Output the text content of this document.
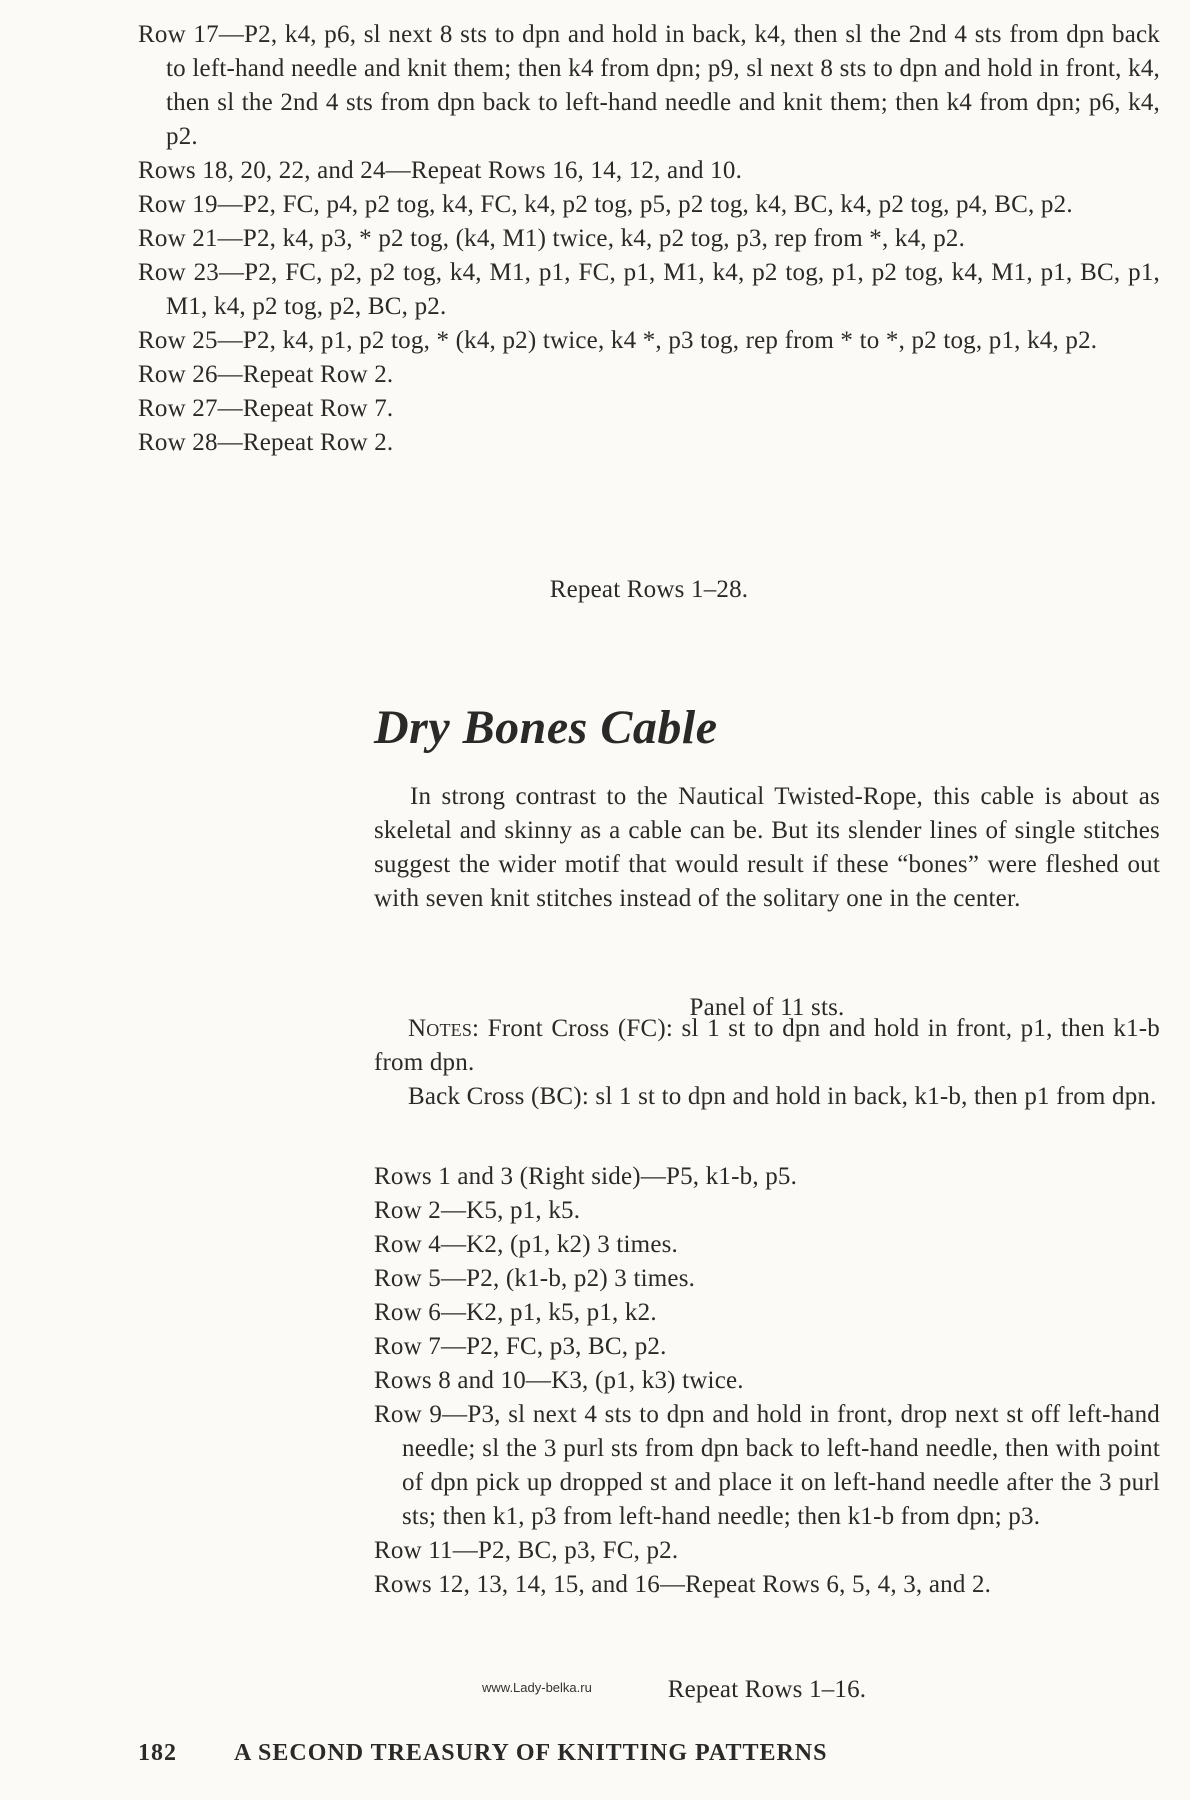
Row 17—P2, k4, p6, sl next 8 sts to dpn and hold in back, k4, then sl the 2nd 4 sts from dpn back to left-hand needle and knit them; then k4 from dpn; p9, sl next 8 sts to dpn and hold in front, k4, then sl the 2nd 4 sts from dpn back to left-hand needle and knit them; then k4 from dpn; p6, k4, p2.

Rows 18, 20, 22, and 24—Repeat Rows 16, 14, 12, and 10.

Row 19—P2, FC, p4, p2 tog, k4, FC, k4, p2 tog, p5, p2 tog, k4, BC, k4, p2 tog, p4, BC, p2.

Row 21—P2, k4, p3, * p2 tog, (k4, M1) twice, k4, p2 tog, p3, rep from *, k4, p2.

Row 23—P2, FC, p2, p2 tog, k4, M1, p1, FC, p1, M1, k4, p2 tog, p1, p2 tog, k4, M1, p1, BC, p1, M1, k4, p2 tog, p2, BC, p2.

Row 25—P2, k4, p1, p2 tog, * (k4, p2) twice, k4 *, p3 tog, rep from * to *, p2 tog, p1, k4, p2.

Row 26—Repeat Row 2.

Row 27—Repeat Row 7.

Row 28—Repeat Row 2.

Repeat Rows 1–28.

Dry Bones Cable

In strong contrast to the Nautical Twisted-Rope, this cable is about as skeletal and skinny as a cable can be. But its slender lines of single stitches suggest the wider motif that would result if these “bones” were fleshed out with seven knit stitches instead of the solitary one in the center.

Panel of 11 sts.

Notes: Front Cross (FC): sl 1 st to dpn and hold in front, p1, then k1-b from dpn.

Back Cross (BC): sl 1 st to dpn and hold in back, k1-b, then p1 from dpn.

Rows 1 and 3 (Right side)—P5, k1-b, p5.

Row 2—K5, p1, k5.

Row 4—K2, (p1, k2) 3 times.

Row 5—P2, (k1-b, p2) 3 times.

Row 6—K2, p1, k5, p1, k2.

Row 7—P2, FC, p3, BC, p2.

Rows 8 and 10—K3, (p1, k3) twice.

Row 9—P3, sl next 4 sts to dpn and hold in front, drop next st off left-hand needle; sl the 3 purl sts from dpn back to left-hand needle, then with point of dpn pick up dropped st and place it on left-hand needle after the 3 purl sts; then k1, p3 from left-hand needle; then k1-b from dpn; p3.

Row 11—P2, BC, p3, FC, p2.

Rows 12, 13, 14, 15, and 16—Repeat Rows 6, 5, 4, 3, and 2.

Repeat Rows 1–16.

www.Lady-belka.ru
182 A SECOND TREASURY OF KNITTING PATTERNS
